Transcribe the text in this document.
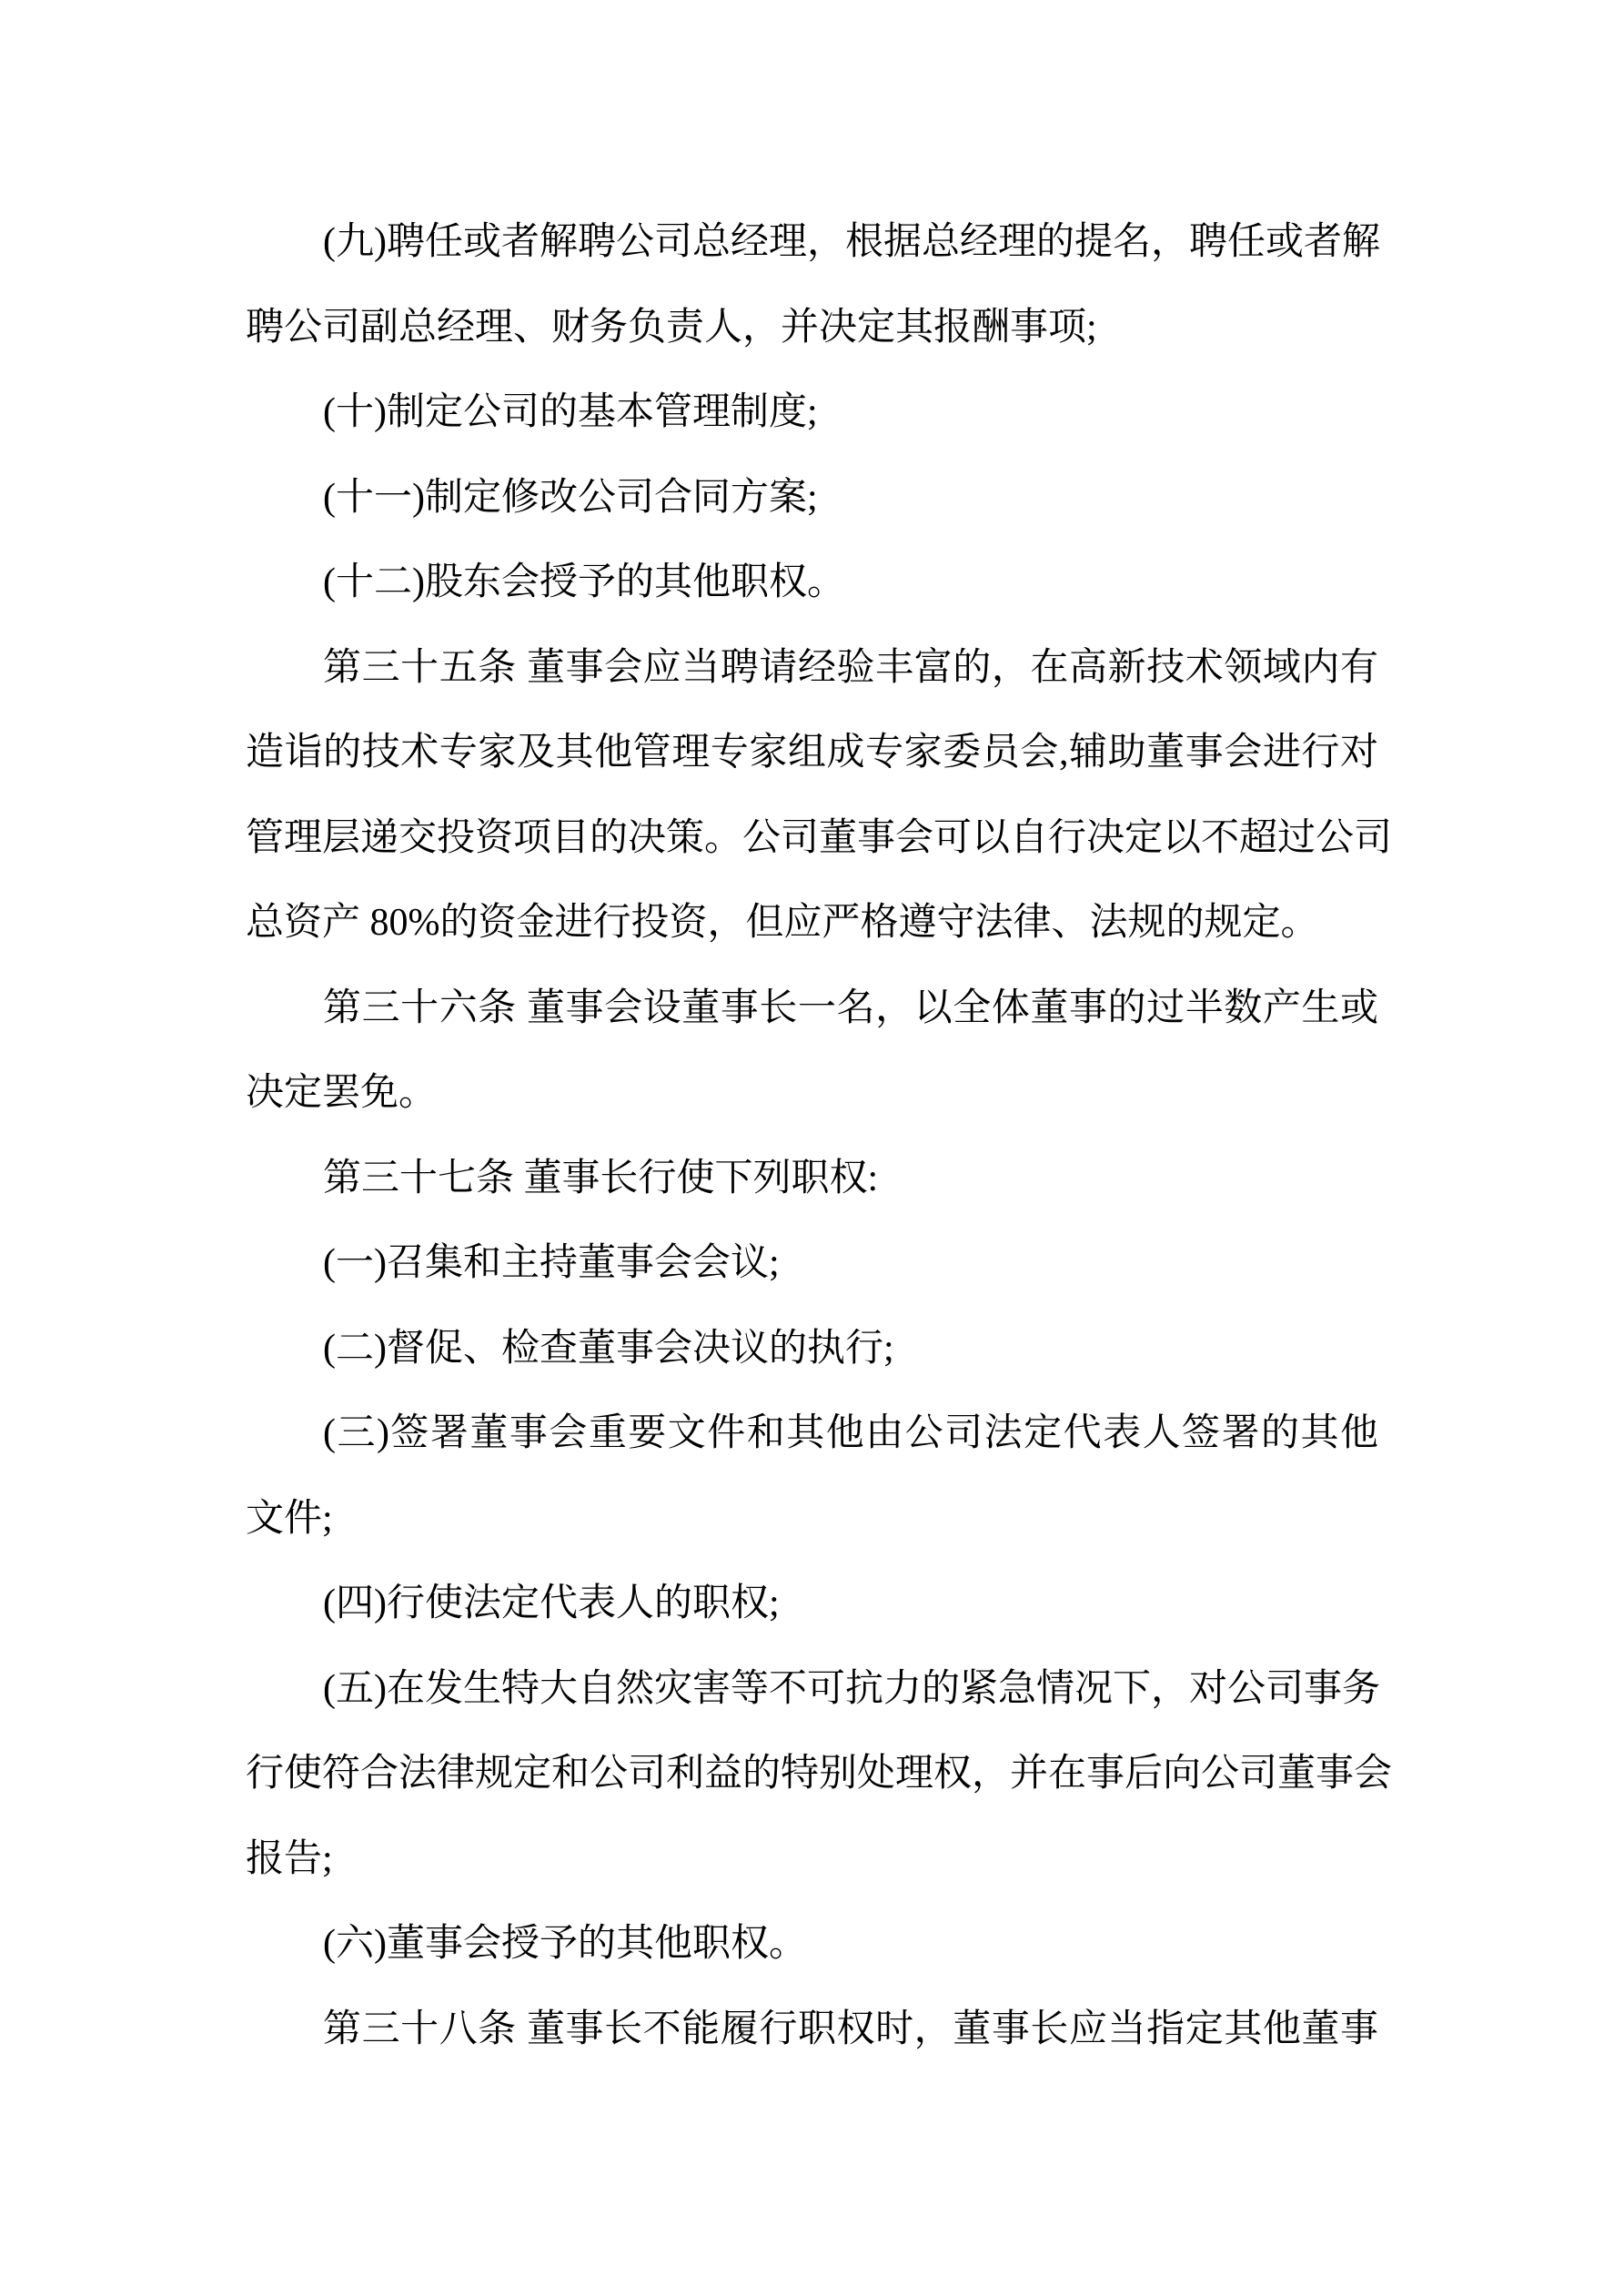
(九)聘任或者解聘公司总经理，根据总经理的提名，聘任或者解
聘公司副总经理、财务负责人，并决定其报酬事项;
(十)制定公司的基本管理制度;
(十一)制定修改公司合同方案;
(十二)股东会授予的其他职权。
第三十五条 董事会应当聘请经验丰富的，在高新技术领域内有
造诣的技术专家及其他管理专家组成专家委员会,辅助董事会进行对
管理层递交投资项目的决策。公司董事会可以自行决定以不超过公司
总资产 80%的资金进行投资，但应严格遵守法律、法规的规定。
第三十六条 董事会设董事长一名，以全体董事的过半数产生或
决定罢免。
第三十七条 董事长行使下列职权:
(一)召集和主持董事会会议;
(二)督促、检查董事会决议的执行;
(三)签署董事会重要文件和其他由公司法定代表人签署的其他
文件;
(四)行使法定代表人的职权;
(五)在发生特大自然灾害等不可抗力的紧急情况下，对公司事务
行使符合法律规定和公司利益的特别处理权，并在事后向公司董事会
报告;
(六)董事会授予的其他职权。
第三十八条 董事长不能履行职权时，董事长应当指定其他董事
